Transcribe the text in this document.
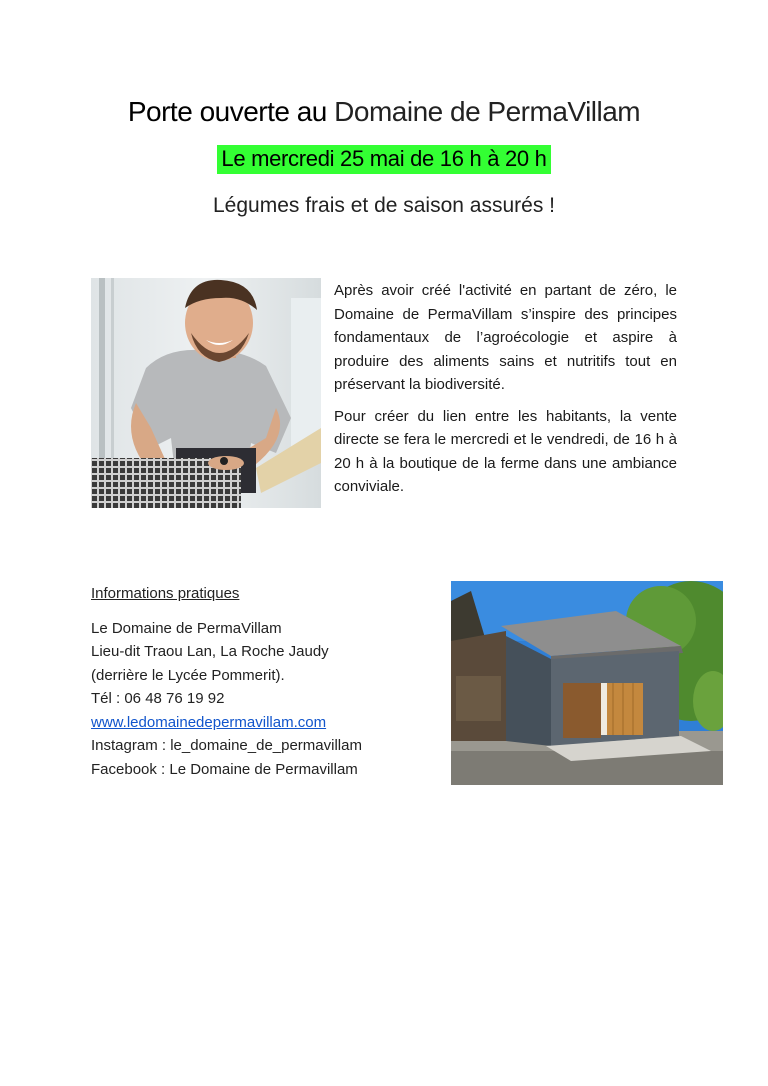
Porte ouverte au Domaine de PermaVillam
Le mercredi 25 mai de 16 h à 20 h
Légumes frais et de saison assurés !

Après avoir créé l'activité en partant de zéro, le Domaine de PermaVillam s’inspire des principes fondamentaux de l’agroécologie et aspire à produire des aliments sains et nutritifs tout en préservant la biodiversité.

Pour créer du lien entre les habitants, la vente directe se fera le mercredi et le vendredi, de 16 h à 20 h à la boutique de la ferme dans une ambiance conviviale.

Informations pratiques
Le Domaine de PermaVillam
Lieu-dit Traou Lan, La Roche Jaudy
(derrière le Lycée Pommerit).
Tél : 06 48 76 19 92
www.ledomainedepermavillam.com
Instagram : le_domaine_de_permavillam
Facebook : Le Domaine de Permavillam
